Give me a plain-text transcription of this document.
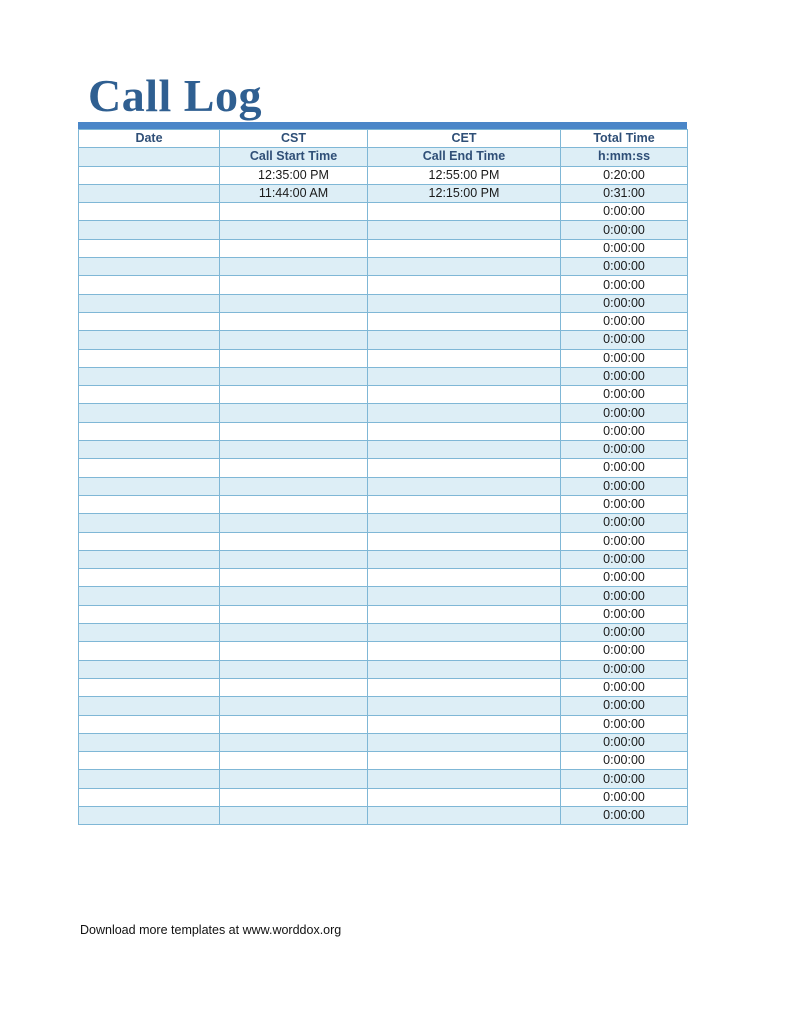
Call Log
Date	CST	CET	Total Time
	Call Start Time	Call End Time	h:mm:ss
	12:35:00 PM	12:55:00 PM	0:20:00
	11:44:00 AM	12:15:00 PM	0:31:00
			0:00:00
			0:00:00
			0:00:00
			0:00:00
			0:00:00
			0:00:00
			0:00:00
			0:00:00
			0:00:00
			0:00:00
			0:00:00
			0:00:00
			0:00:00
			0:00:00
			0:00:00
			0:00:00
			0:00:00
			0:00:00
			0:00:00
			0:00:00
			0:00:00
			0:00:00
			0:00:00
			0:00:00
			0:00:00
			0:00:00
			0:00:00
			0:00:00
			0:00:00
			0:00:00
			0:00:00
			0:00:00
			0:00:00
			0:00:00
Download more templates at www.worddox.org
